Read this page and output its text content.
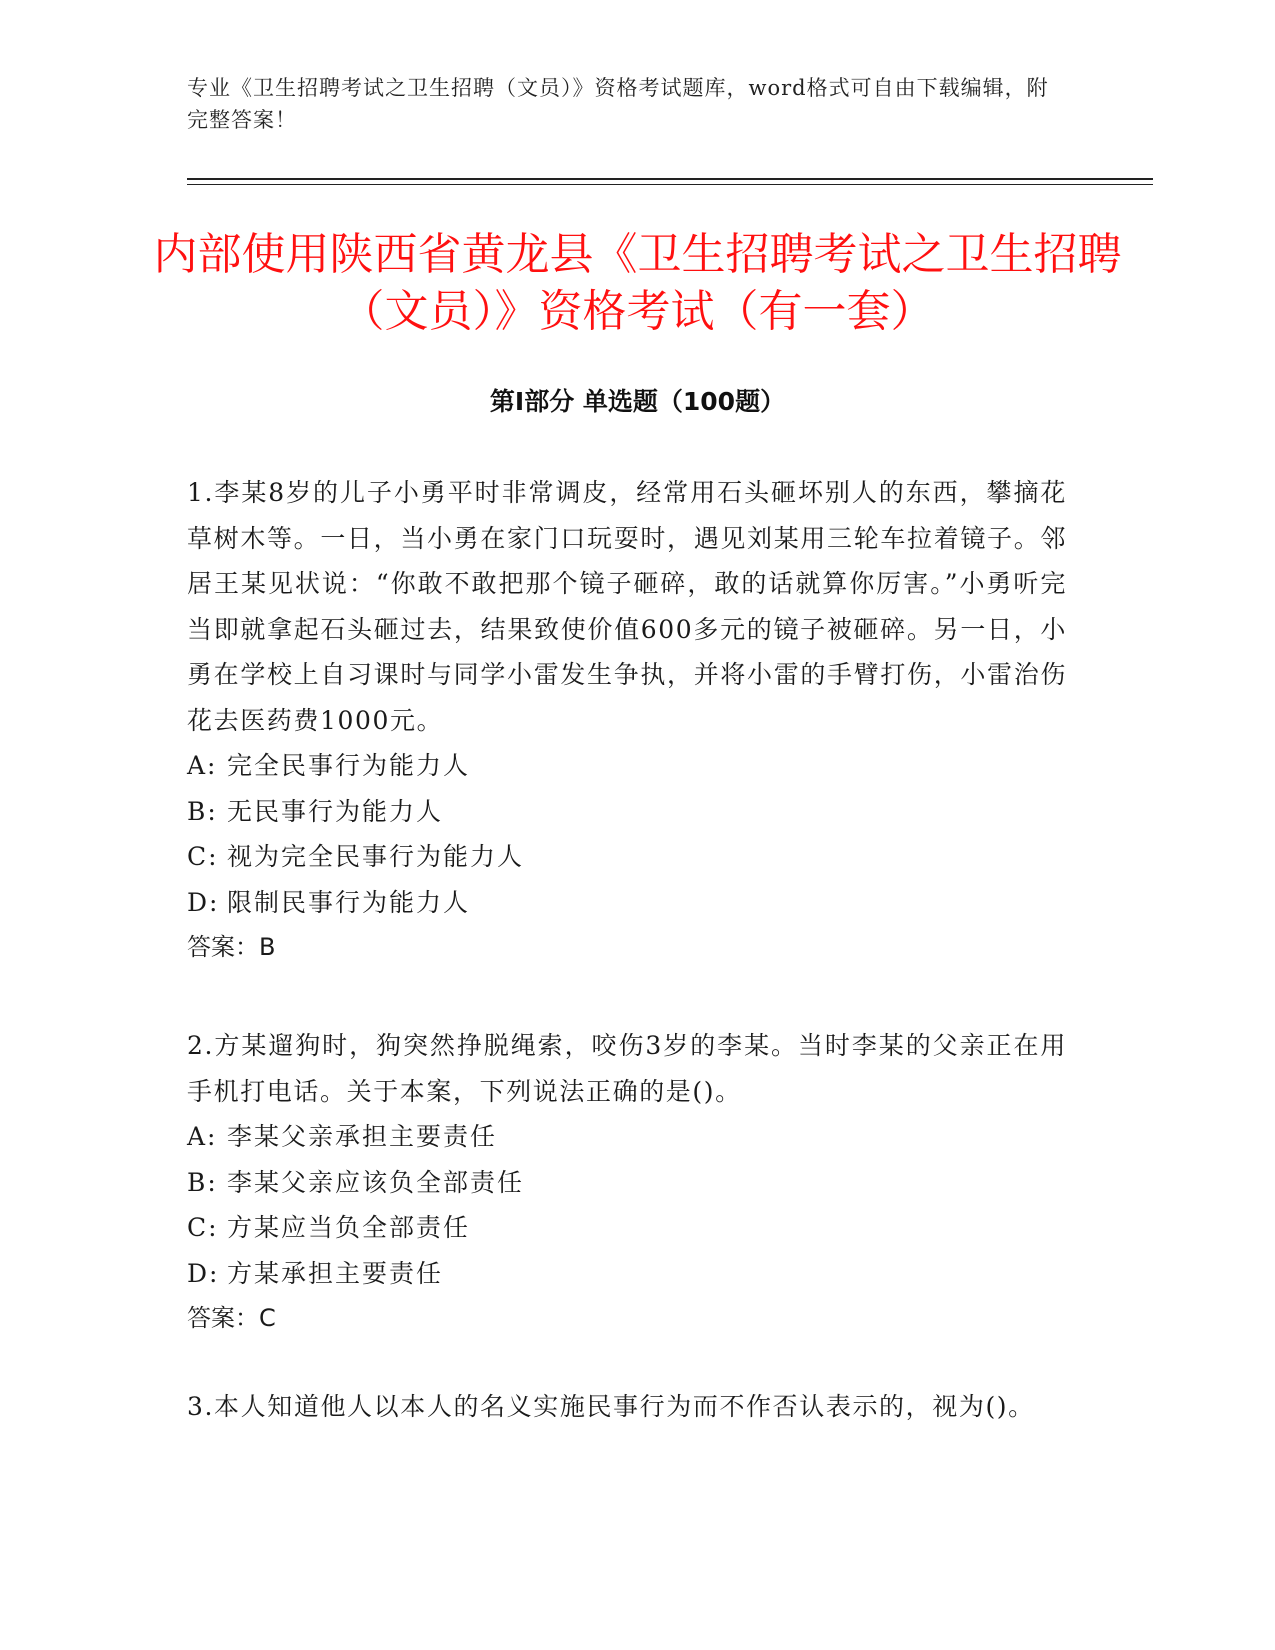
专业《卫生招聘考试之卫生招聘（文员）》资格考试题库，word格式可自由下载编辑，附完整答案！
内部使用陕西省黄龙县《卫生招聘考试之卫生招聘（文员）》资格考试（有一套）
第Ⅰ部分 单选题（100题）

1.李某8岁的儿子小勇平时非常调皮，经常用石头砸坏别人的东西，攀摘花草树木等。一日，当小勇在家门口玩耍时，遇见刘某用三轮车拉着镜子。邻居王某见状说：“你敢不敢把那个镜子砸碎，敢的话就算你厉害。”小勇听完当即就拿起石头砸过去，结果致使价值600多元的镜子被砸碎。另一日，小勇在学校上自习课时与同学小雷发生争执，并将小雷的手臂打伤，小雷治伤花去医药费1000元。

A: 完全民事行为能力人

B: 无民事行为能力人

C: 视为完全民事行为能力人

D: 限制民事行为能力人

答案：B

2.方某遛狗时，狗突然挣脱绳索，咬伤3岁的李某。当时李某的父亲正在用手机打电话。关于本案，下列说法正确的是()。

A: 李某父亲承担主要责任

B: 李某父亲应该负全部责任

C: 方某应当负全部责任

D: 方某承担主要责任

答案：C

3.本人知道他人以本人的名义实施民事行为而不作否认表示的，视为()。
